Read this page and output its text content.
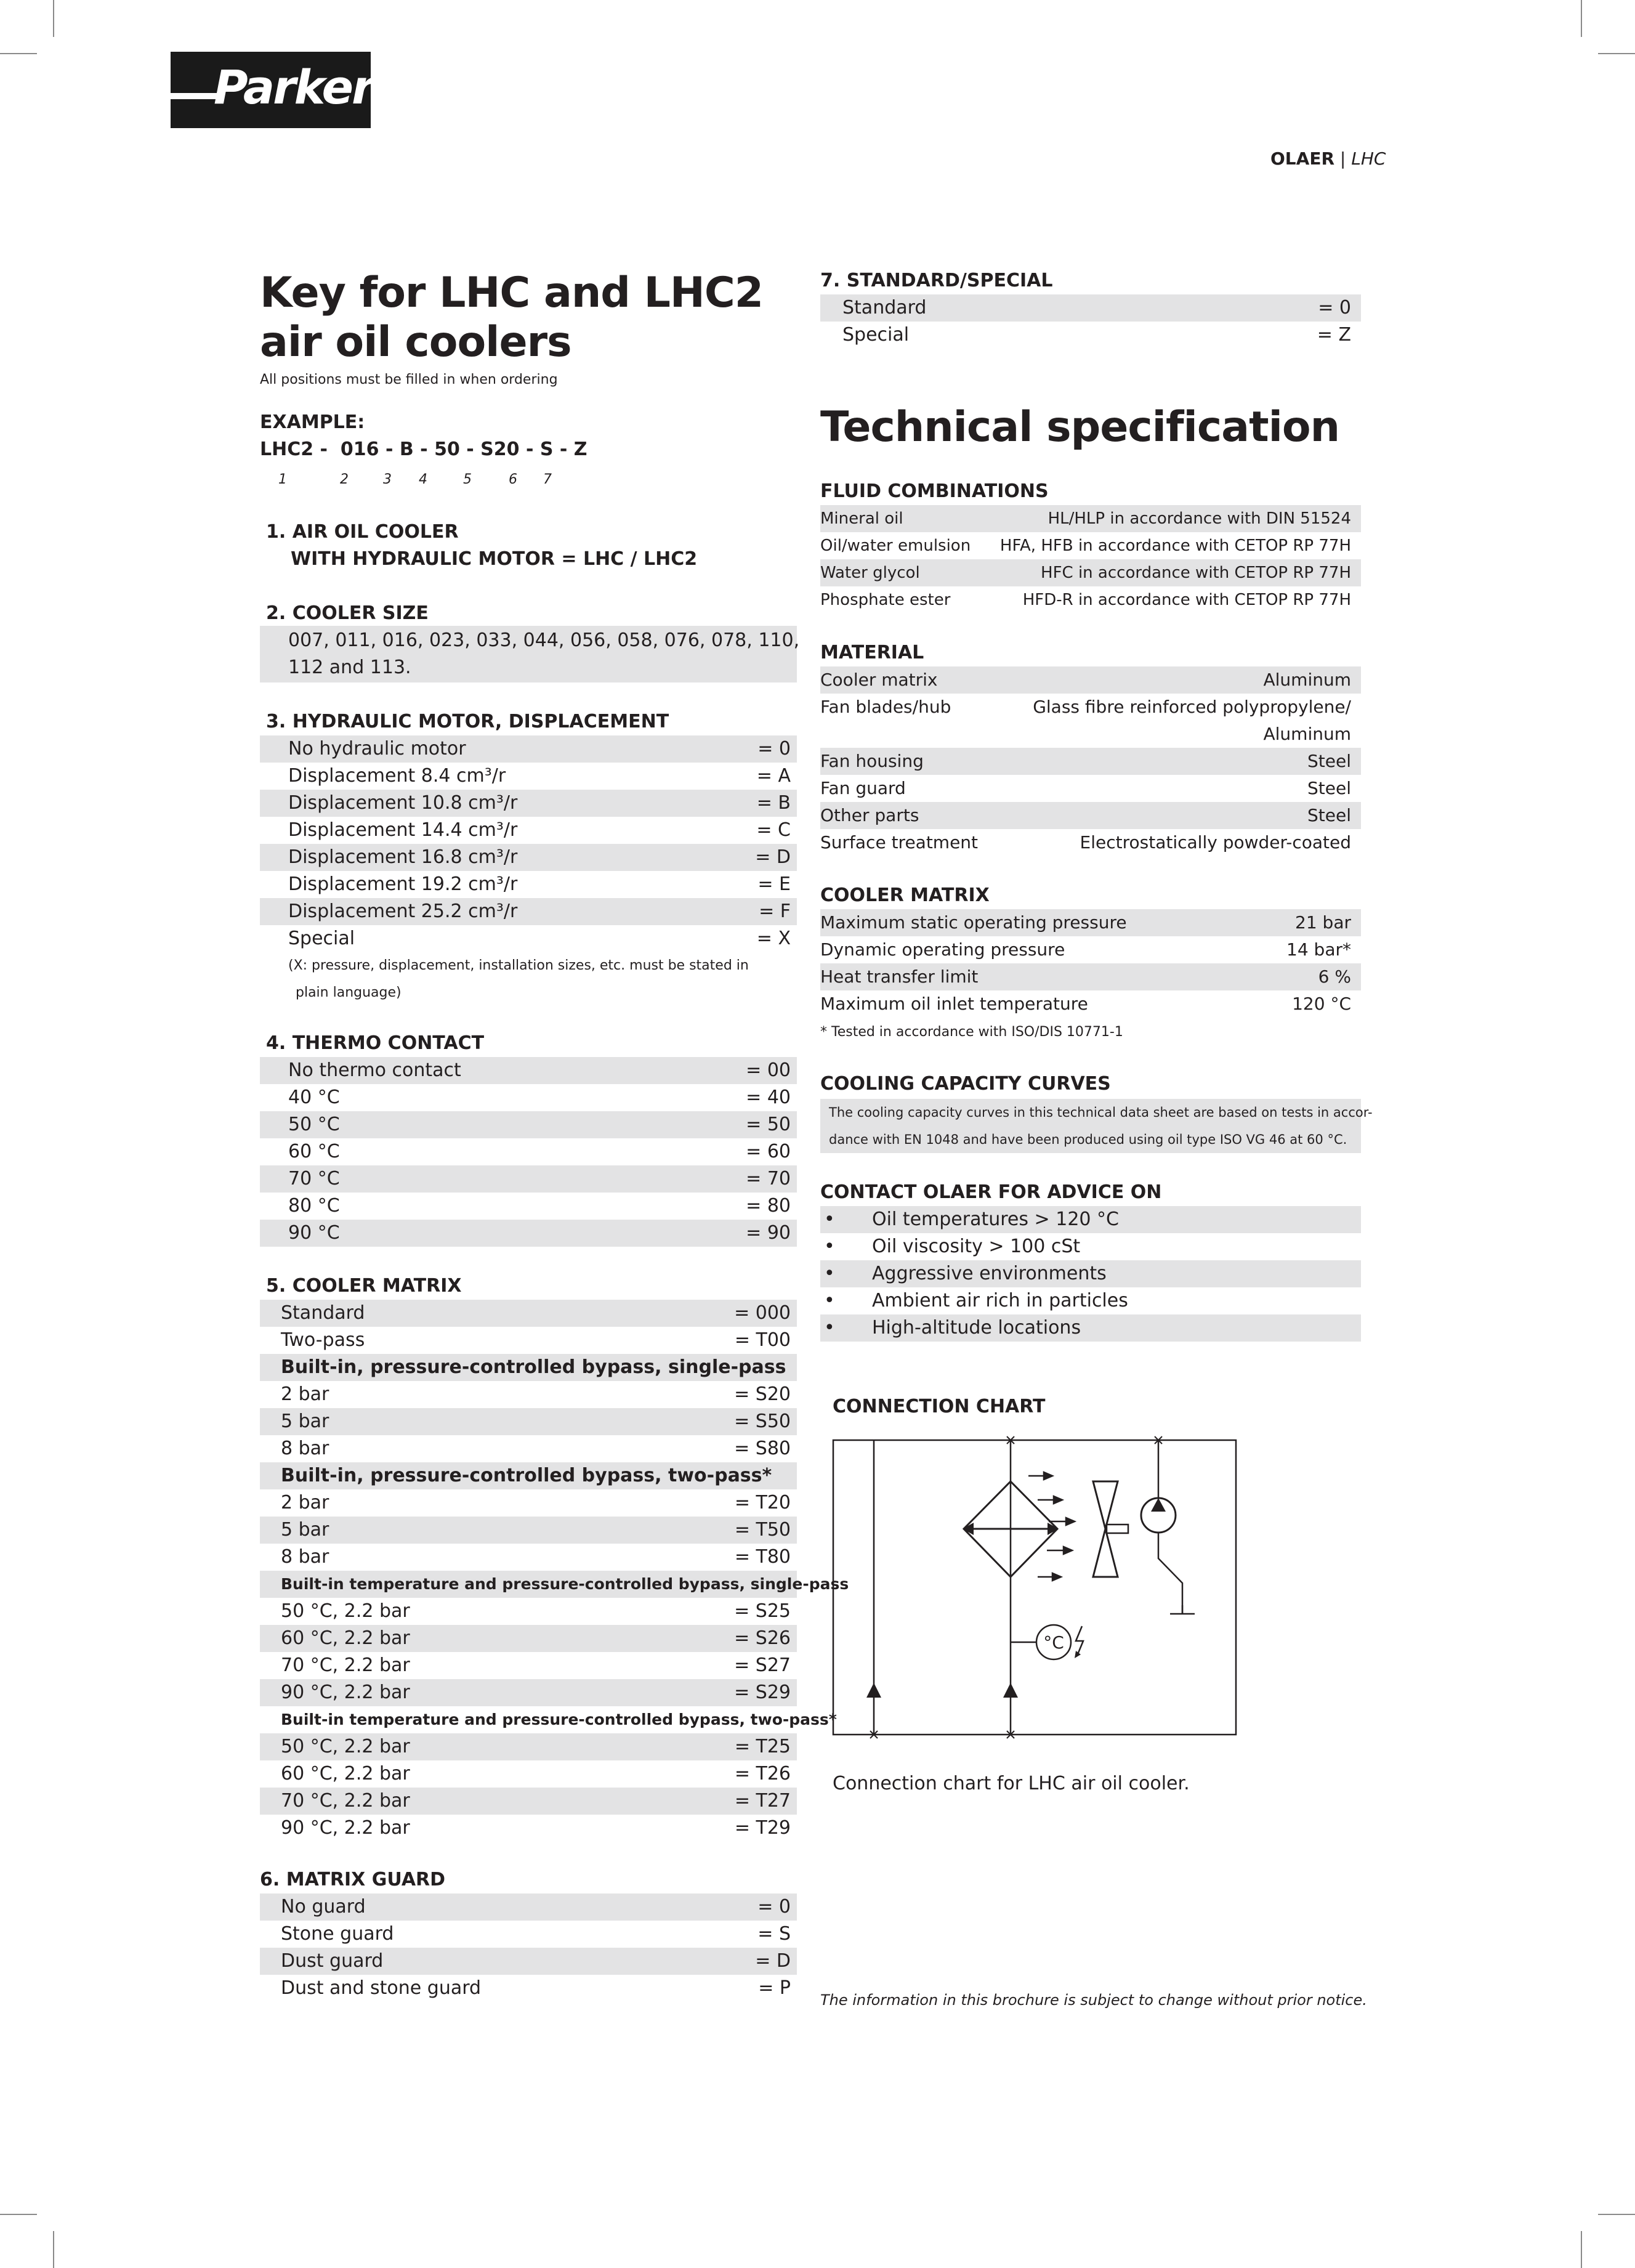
Parker
OLAER | LHC
Key for LHC and LHC2
air oil coolers
All positions must be filled in when ordering
EXAMPLE:
LHC2 -  016 - B - 50 - S20 - S - Z
1	2	3 4	5	6 7
1. AIR OIL COOLER
WITH HYDRAULIC MOTOR = LHC / LHC2
2. COOLER SIZE
007, 011, 016, 023, 033, 044, 056, 058, 076, 078, 110,
112 and 113.
3. HYDRAULIC MOTOR, DISPLACEMENT
No hydraulic motor	= 0
Displacement 8.4 cm³/r	= A
Displacement 10.8 cm³/r	= B
Displacement 14.4 cm³/r	= C
Displacement 16.8 cm³/r	= D
Displacement 19.2 cm³/r	= E
Displacement 25.2 cm³/r	= F
Special	= X
(X: pressure, displacement, installation sizes, etc. must be stated in
plain language)
4. THERMO CONTACT
No thermo contact	= 00
40 °C	= 40
50 °C	= 50
60 °C	= 60
70 °C	= 70
80 °C	= 80
90 °C	= 90
5. COOLER MATRIX
Standard	= 000
Two-pass	= T00
Built-in, pressure-controlled bypass, single-pass
2 bar	= S20
5 bar	= S50
8 bar	= S80
Built-in, pressure-controlled bypass, two-pass*
2 bar	= T20
5 bar	= T50
8 bar	= T80
Built-in temperature and pressure-controlled bypass, single-pass
50 °C, 2.2 bar	= S25
60 °C, 2.2 bar	= S26
70 °C, 2.2 bar	= S27
90 °C, 2.2 bar	= S29
Built-in temperature and pressure-controlled bypass, two-pass*
50 °C, 2.2 bar	= T25
60 °C, 2.2 bar	= T26
70 °C, 2.2 bar	= T27
90 °C, 2.2 bar	= T29
6. MATRIX GUARD
No guard	= 0
Stone guard	= S
Dust guard	= D
Dust and stone guard	= P
7. STANDARD/SPECIAL
Standard	= 0
Special	= Z
Technical specification
FLUID COMBINATIONS
Mineral oil	HL/HLP in accordance with DIN 51524
Oil/water emulsion HFA, HFB in accordance with CETOP RP 77H
Water glycol	HFC in accordance with CETOP RP 77H
Phosphate ester	HFD-R in accordance with CETOP RP 77H
MATERIAL
Cooler matrix	Aluminum
Fan blades/hub	Glass fibre reinforced polypropylene/
Aluminum
Fan housing	Steel
Fan guard	Steel
Other parts	Steel
Surface treatment	Electrostatically powder-coated
COOLER MATRIX
Maximum static operating pressure	21 bar
Dynamic operating pressure	14 bar*
Heat transfer limit	6 %
Maximum oil inlet temperature	120 °C
* Tested in accordance with ISO/DIS 10771-1
COOLING CAPACITY CURVES
The cooling capacity curves in this technical data sheet are based on tests in accor-
dance with EN 1048 and have been produced using oil type ISO VG 46 at 60 °C.
CONTACT OLAER FOR ADVICE ON
•	Oil temperatures > 120 °C
•	Oil viscosity > 100 cSt
•	Aggressive environments
•	Ambient air rich in particles
•	High-altitude locations
CONNECTION CHART
°C
Connection chart for LHC air oil cooler.
The information in this brochure is subject to change without prior notice.
